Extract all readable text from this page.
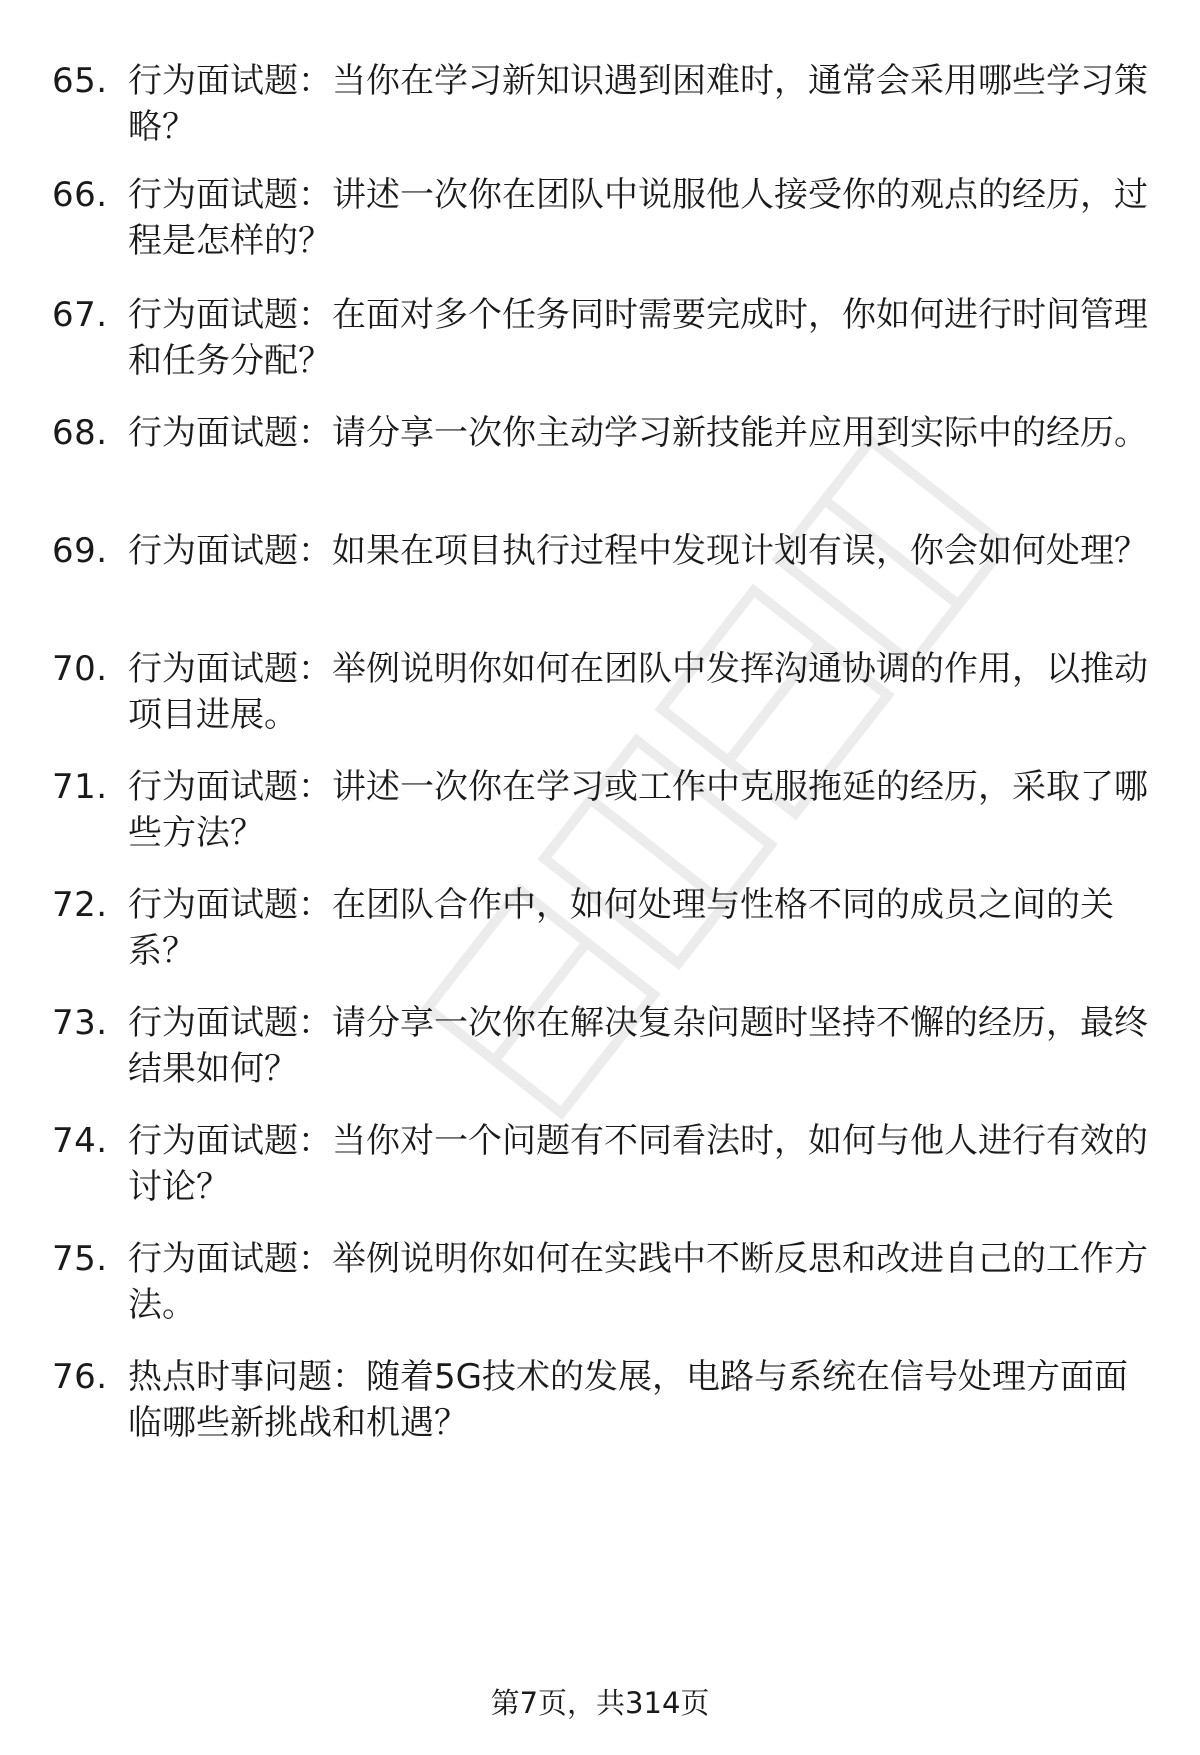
65. 行为面试题：当你在学习新知识遇到困难时，通常会采用哪些学习策略？
66. 行为面试题：讲述一次你在团队中说服他人接受你的观点的经历，过程是怎样的？
67. 行为面试题：在面对多个任务同时需要完成时，你如何进行时间管理和任务分配？
68. 行为面试题：请分享一次你主动学习新技能并应用到实际中的经历。
69. 行为面试题：如果在项目执行过程中发现计划有误，你会如何处理？
70. 行为面试题：举例说明你如何在团队中发挥沟通协调的作用，以推动项目进展。
71. 行为面试题：讲述一次你在学习或工作中克服拖延的经历，采取了哪些方法？
72. 行为面试题：在团队合作中，如何处理与性格不同的成员之间的关系？
73. 行为面试题：请分享一次你在解决复杂问题时坚持不懈的经历，最终结果如何？
74. 行为面试题：当你对一个问题有不同看法时，如何与他人进行有效的讨论？
75. 行为面试题：举例说明你如何在实践中不断反思和改进自己的工作方法。
76. 热点时事问题：随着5G技术的发展，电路与系统在信号处理方面面临哪些新挑战和机遇？
第7页，共314页
